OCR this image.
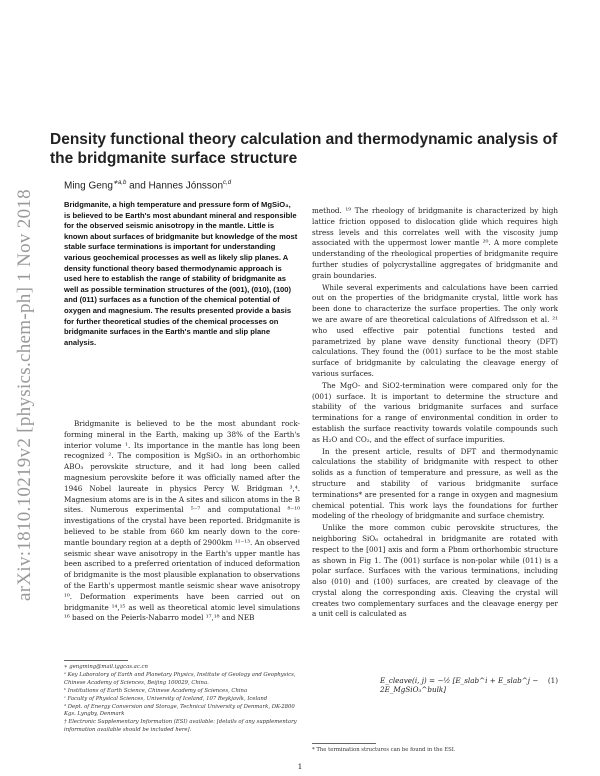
arXiv:1810.10219v2 [physics.chem-ph] 1 Nov 2018
Density functional theory calculation and thermodynamic analysis of the bridgmanite surface structure
Ming Geng$^{∗a,b}$ and Hannes Jónsson$^{c,d}$
Bridgmanite, a high temperature and pressure form of MgSiO₃, is believed to be Earth's most abundant mineral and responsible for the observed seismic anisotropy in the mantle. Little is known about surfaces of bridgmanite but knowledge of the most stable surface terminations is important for understanding various geochemical processes as well as likely slip planes. A density functional theory based thermodynamic approach is used here to establish the range of stability of bridgmanite as well as possible termination structures of the (001), (010), (100) and (011) surfaces as a function of the chemical potential of oxygen and magnesium. The results presented provide a basis for further theoretical studies of the chemical processes on bridgmanite surfaces in the Earth's mantle and slip plane analysis.

Bridgmanite is believed to be the most abundant rock-forming mineral in the Earth, making up 38% of the Earth's interior volume ¹. Its importance in the mantle has long been recognized ². The composition is MgSiO₃ in an orthorhombic ABO₃ perovskite structure, and it had long been called magnesium perovskite before it was officially named after the 1946 Nobel laureate in physics Percy W. Bridgman ³,⁴. Magnesium atoms are is in the A sites and silicon atoms in the B sites. Numerous experimental ⁵⁻⁷ and computational ⁸⁻¹⁰ investigations of the crystal have been reported. Bridgmanite is believed to be stable from 660 km nearly down to the core-mantle boundary region at a depth of 2900km ¹¹⁻¹³. An observed seismic shear wave anisotropy in the Earth's upper mantle has been ascribed to a preferred orientation of induced deformation of bridgmanite is the most plausible explanation to observations of the Earth's uppermost mantle seismic shear wave anisotropy ¹⁰. Deformation experiments have been carried out on bridgmanite ¹⁴,¹⁵ as well as theoretical atomic level simulations ¹⁶ based on the Peierls-Nabarro model ¹⁷,¹⁸ and NEB

method. ¹⁹ The rheology of bridgmanite is characterized by high lattice friction opposed to dislocation glide which requires high stress levels and this correlates well with the viscosity jump associated with the uppermost lower mantle ²⁰. A more complete understanding of the rheological properties of bridgmanite require further studies of polycrystalline aggregates of bridgmanite and grain boundaries.

While several experiments and calculations have been carried out on the properties of the bridgmanite crystal, little work has been done to characterize the surface properties. The only work we are aware of are theoretical calculations of Alfredsson et al. ²¹ who used effective pair potential functions tested and parametrized by plane wave density functional theory (DFT) calculations. They found the (001) surface to be the most stable surface of bridgmanite by calculating the cleavage energy of various surfaces.

The MgO- and SiO2-termination were compared only for the (001) surface. It is important to determine the structure and stability of the various bridgmanite surfaces and surface terminations for a range of environmental condition in order to establish the surface reactivity towards volatile compounds such as H₂O and CO₂, and the effect of surface impurities.

In the present article, results of DFT and thermodynamic calculations the stability of bridgmanite with respect to other solids as a function of temperature and pressure, as well as the structure and stability of various bridgmanite surface terminations* are presented for a range in oxygen and magnesium chemical potential. This work lays the foundations for further modeling of the rheology of bridgmanite and surface chemistry.

Unlike the more common cubic perovskite structures, the neighboring SiO₆ octahedral in bridgmanite are rotated with respect to the [001] axis and form a Pbnm orthorhombic structure as shown in Fig 1. The (001) surface is non-polar while (011) is a polar surface. Surfaces with the various terminations, including also (010) and (100) surfaces, are created by cleavage of the crystal along the corresponding axis. Cleaving the crystal will creates two complementary surfaces and the cleavage energy per a unit cell is calculated as

E_cleave(i, j) = −½ [E_slab^i + E_slab^j − 2E_MgSiO₃^bulk]
(1)
∗ gengming@mail.iggcas.ac.cn
ᵃ Key Laboratory of Earth and Planetary Physics, Institute of Geology and Geophysics, Chinese Academy of Sciences, Beijing 100029, China.
ᵇ Institutions of Earth Science, Chinese Academy of Sciences, China
ᶜ Faculty of Physical Sciences, University of Iceland, 107 Reykjavík, Iceland
ᵈ Dept. of Energy Conversion and Storage, Technical University of Denmark, DK-2800 Kgs. Lyngby, Denmark
† Electronic Supplementary Information (ESI) available: [details of any supplementary information available should be included here].
* The termination structures can be found in the ESI.
1
